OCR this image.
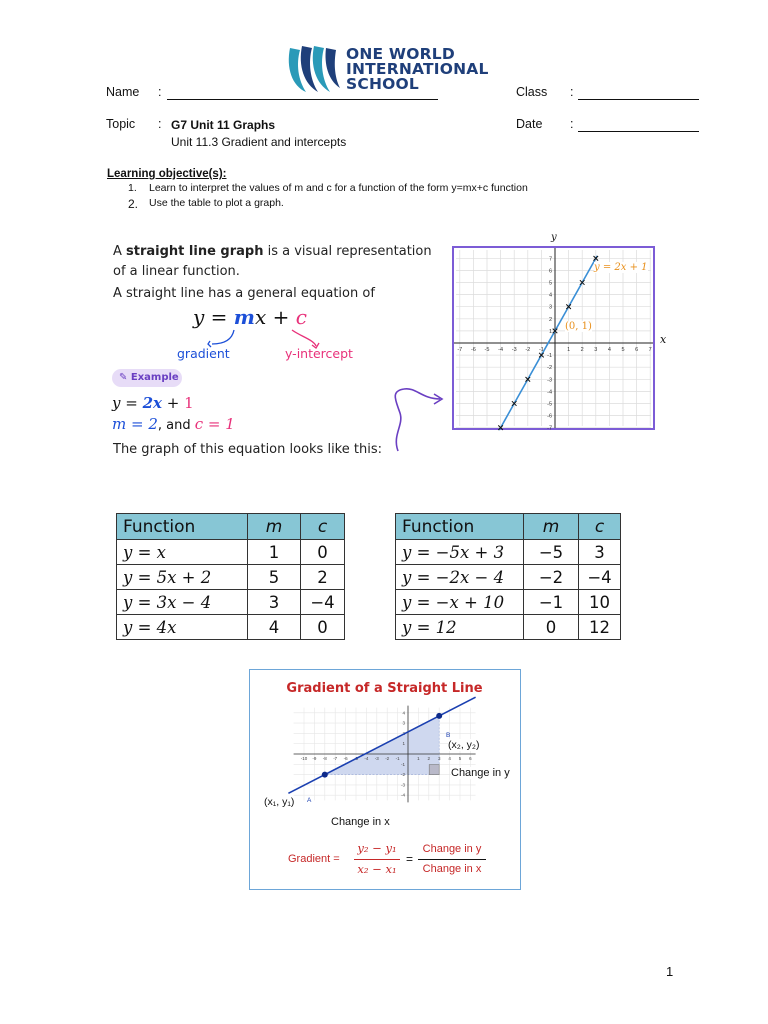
ONE WORLD
INTERNATIONAL
SCHOOL
Name :	Class :
Topic : G7 Unit 11 Graphs
Unit 11.3 Gradient and intercepts
Date :
Learning objective(s):
1. Learn to interpret the values of m and c for a function of the form y=mx+c function
2. Use the table to plot a graph.
A straight line graph is a visual representation
of a linear function.
A straight line has a general equation of
y = mx + c
gradient	y-intercept
✎ Example
y = 2x + 1
m = 2, and c = 1
The graph of this equation looks like this:
y
x
-7 -6 -5 -4 -3 -2 -1	1 2 3 4 5 6 7
7
6
5
4
3
2
1
-1
-2
-3
-4
-5
-6
-7
y = 2x + 1
(0, 1)
Function	m	c
y = x	1	0
y = 5x + 2	5	2
y = 3x − 4	3	−4
y = 4x	4	0
Function	m	c
y = −5x + 3	−5	3
y = −2x − 4	−2	−4
y = −x + 10	−1	10
y = 12	0	12
Gradient of a Straight Line
-10 -9 -8 -7 -6	-4 -3 -2 -1	1 2 3 4 5 6
4
3
1
-1
-2
-3
-4
B
A
(x₂, y₂)
(x₁, y₁)
Change in y
Change in x
Gradient =
y₂ − y₁
x₂ − x₁
=
Change in y
Change in x
1
